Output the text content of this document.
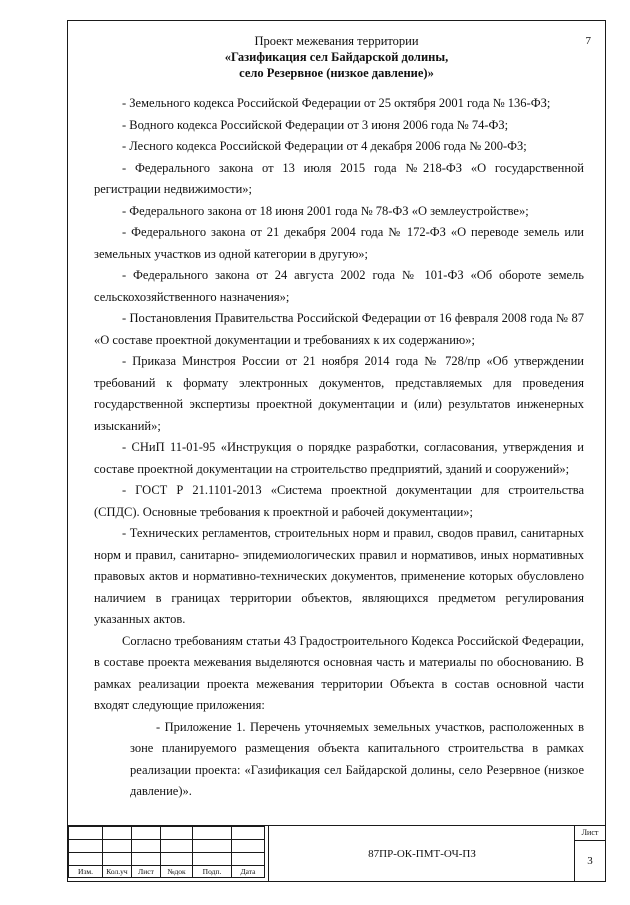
7
Проект межевания территории
«Газификация сел Байдарской долины,
село Резервное (низкое давление)»

- Земельного кодекса Российской Федерации от 25 октября 2001 года № 136-ФЗ;

- Водного кодекса Российской Федерации от 3 июня 2006 года № 74-ФЗ;

- Лесного кодекса Российской Федерации от 4 декабря 2006 года № 200-ФЗ;

- Федерального закона от 13 июля 2015 года №218-ФЗ «О государственной регистрации недвижимости»;

- Федерального закона от 18 июня 2001 года № 78-ФЗ «О землеустройстве»;

- Федерального закона от 21 декабря 2004 года № 172-ФЗ «О переводе земель или земельных участков из одной категории в другую»;

- Федерального закона от 24 августа 2002 года № 101-ФЗ «Об обороте земель сельскохозяйственного назначения»;

- Постановления Правительства Российской Федерации от 16 февраля 2008 года № 87 «О составе проектной документации и требованиях к их содержанию»;

- Приказа Минстроя России от 21 ноября 2014 года № 728/пр «Об утверждении требований к формату электронных документов, представляемых для проведения государственной экспертизы проектной документации и (или) результатов инженерных изысканий»;

- СНиП 11-01-95 «Инструкция о порядке разработки, согласования, утверждения и составе проектной документации на строительство предприятий, зданий и сооружений»;

- ГОСТ Р 21.1101-2013 «Система проектной документации для строительства (СПДС). Основные требования к проектной и рабочей документации»;

- Технических регламентов, строительных норм и правил, сводов правил, санитарных норм и правил, санитарно- эпидемиологических правил и нормативов, иных нормативных правовых актов и нормативно-технических документов, применение которых обусловлено наличием в границах территории объектов, являющихся предметом регулирования указанных актов.

Согласно требованиям статьи 43 Градостроительного Кодекса Российской Федерации, в составе проекта межевания выделяются основная часть и материалы по обоснованию. В рамках реализации проекта межевания территории Объекта в состав основной части входят следующие приложения:

- Приложение 1. Перечень уточняемых земельных участков, расположенных в зоне планируемого размещения объекта капитального строительства в рамках реализации проекта: «Газификация сел Байдарской долины, село Резервное (низкое давление)».

Изм.	Кол.уч	Лист	№док	Подп.	Дата
87ПР-ОК-ПМТ-ОЧ-ПЗ
Лист
3
